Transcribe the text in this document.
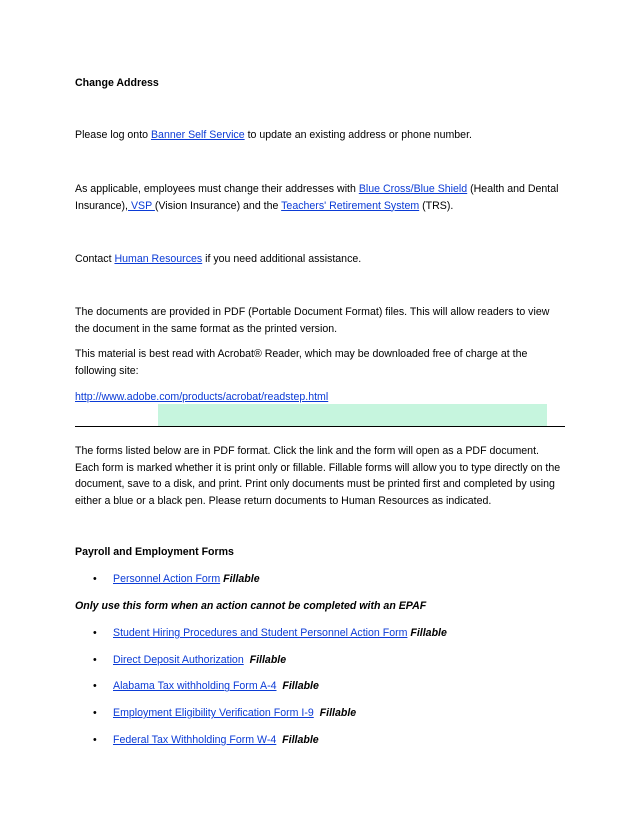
Change Address

Please log onto Banner Self Service to update an existing address or phone number.

As applicable, employees must change their addresses with Blue Cross/Blue Shield (Health and Dental Insurance), VSP (Vision Insurance) and the Teachers' Retirement System (TRS).

Contact Human Resources if you need additional assistance.

The documents are provided in PDF (Portable Document Format) files. This will allow readers to view the document in the same format as the printed version.

This material is best read with Acrobat® Reader, which may be downloaded free of charge at the following site:

http://www.adobe.com/products/acrobat/readstep.html

The forms listed below are in PDF format. Click the link and the form will open as a PDF document. Each form is marked whether it is print only or fillable. Fillable forms will allow you to type directly on the document, save to a disk, and print. Print only documents must be printed first and completed by using either a blue or a black pen. Please return documents to Human Resources as indicated.

Payroll and Employment Forms

• Personnel Action Form Fillable

Only use this form when an action cannot be completed with an EPAF

• Student Hiring Procedures and Student Personnel Action Form Fillable
• Direct Deposit Authorization  Fillable
• Alabama Tax withholding Form A-4  Fillable
• Employment Eligibility Verification Form I-9  Fillable
• Federal Tax Withholding Form W-4  Fillable
